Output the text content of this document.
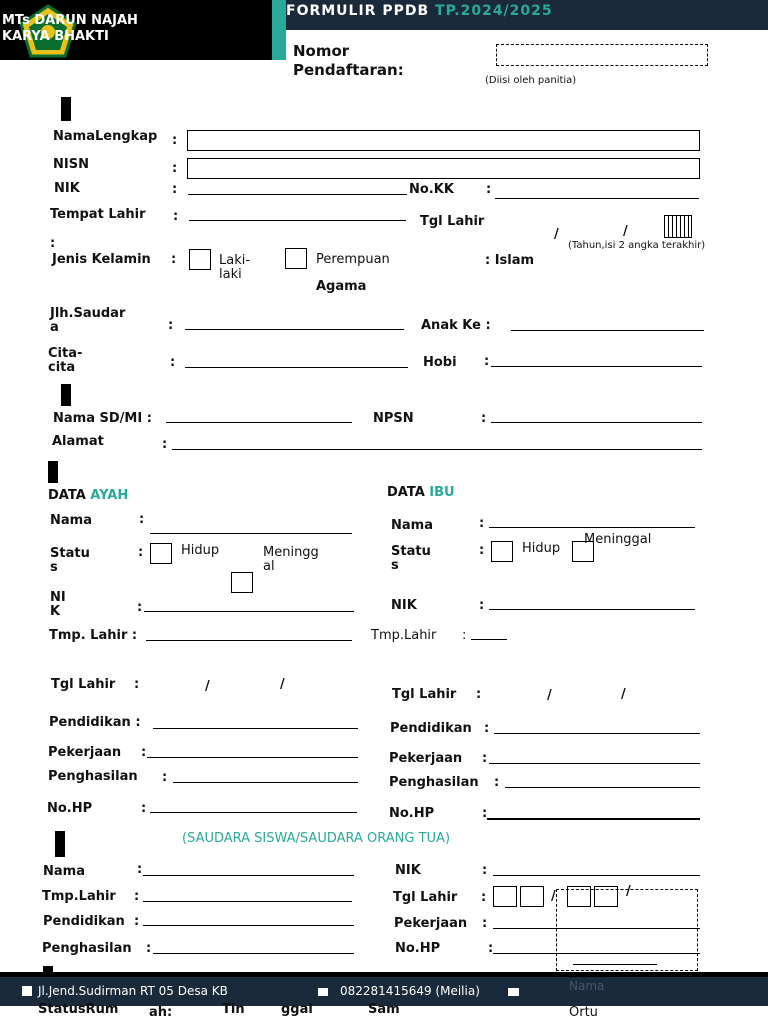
MTs DARUN NAJAH
KARYA BHAKTI
FORMULIR PPDB TP.2024/2025
Nomor
Pendaftaran:
(Diisi oleh panitia)
NamaLengkap :
NISN	:
NIK	:	No.KK :
Tempat Lahir :	Tgl Lahir
/	/
(Tahun,isi 2 angka terakhir)
:
Jenis Kelamin :	Laki-
laki
Perempuan
Agama
: Islam
Jlh.Saudar
a	:	Anak Ke :
Cita-
cita	:	Hobi :
Nama SD/MI :	NPSN	:
Alamat	:
DATA AYAH
Nama	:
Statu
s
:	Hidup	Meningg
al
NI
K	:
Tmp. Lahir :
Tgl Lahir :	/	/
Pendidikan :
Pekerjaan :
Penghasilan :
No.HP	:
DATA IBU
Nama	:
Statu
s
:	Hidup
Meninggal
NIK	:
Tmp.Lahir :
Tgl Lahir :	/	/
Pendidikan :
Pekerjaan :
Penghasilan :
No.HP	:
(SAUDARA SISWA/SAUDARA ORANG TUA)
Nama	:	NIK	:
Tmp.Lahir :	Tgl Lahir :	/	/
Pendidikan :	Pekerjaan :
Penghasilan :	No.HP	:
Jl.Jend.Sudirman RT 05 Desa KB	082281415649 (Meilia)	Nama
StatusRum ah:	Tin	ggal	Sam	Ortu
